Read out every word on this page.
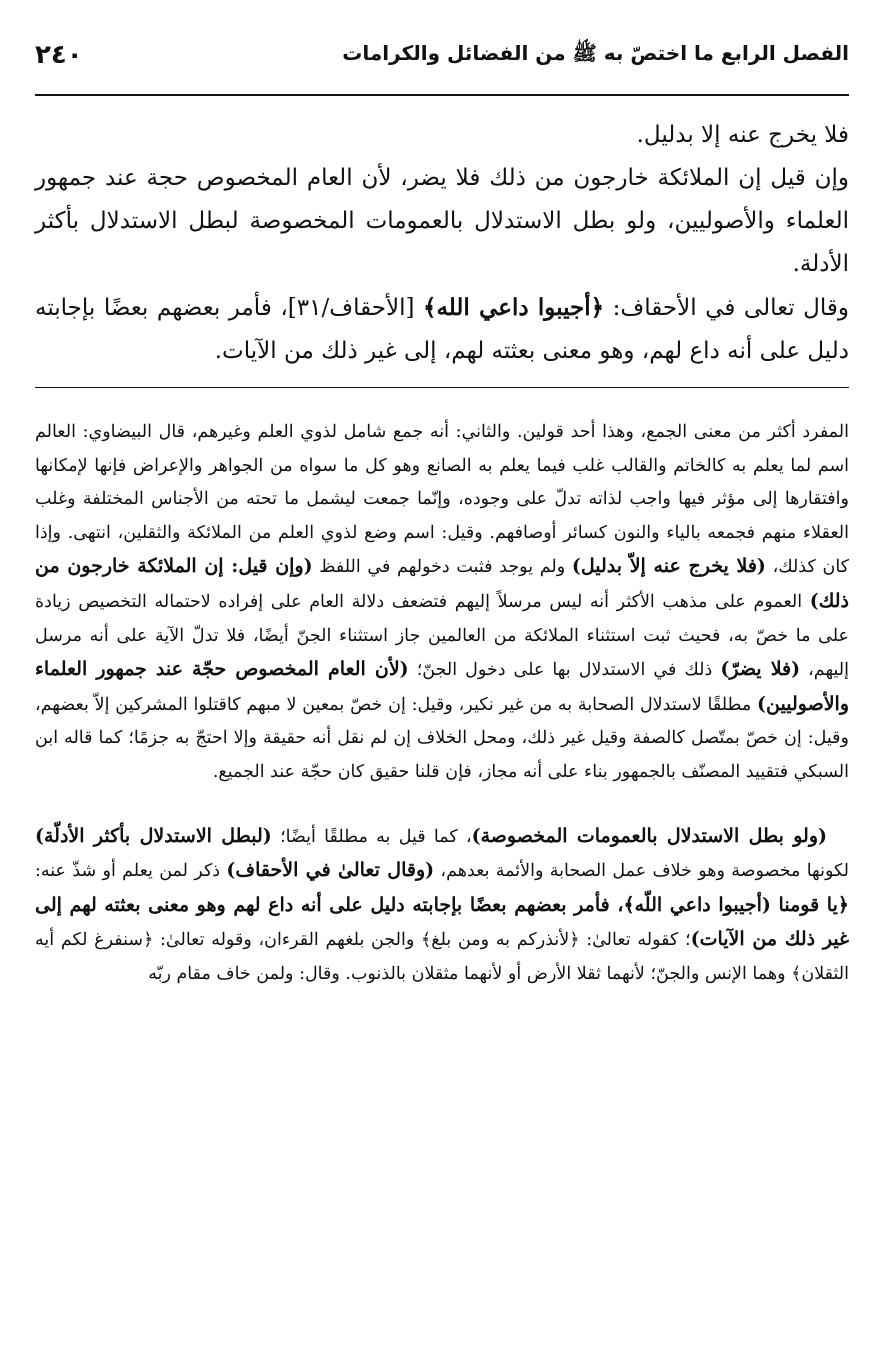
٢٤٠	الفصل الرابع ما اختصّ به ﷺ من الفضائل والكرامات

فلا يخرج عنه إلا بدليل.

وإن قيل إن الملائكة خارجون من ذلك فلا يضر، لأن العام المخصوص حجة عند جمهور العلماء والأصوليين، ولو بطل الاستدلال بالعمومات المخصوصة لبطل الاستدلال بأكثر الأدلة.

وقال تعالى في الأحقاف: ﴿أجيبوا داعي الله﴾ [الأحقاف/٣١]، فأمر بعضهم بعضًا بإجابته دليل على أنه داع لهم، وهو معنى بعثته لهم، إلى غير ذلك من الآيات.

المفرد أكثر من معنى الجمع، وهذا أحد قولين. والثاني: أنه جمع شامل لذوي العلم وغيرهم، قال البيضاوي: العالم اسم لما يعلم به كالخاتم والقالب غلب فيما يعلم به الصانع وهو كل ما سواه من الجواهر والإعراض فإنها لإمكانها وافتقارها إلى مؤثر فيها واجب لذاته تدلّ على وجوده، وإنّما جمعت ليشمل ما تحته من الأجناس المختلفة وغلب العقلاء منهم فجمعه بالياء والنون كسائر أوصافهم. وقيل: اسم وضع لذوي العلم من الملائكة والثقلين، انتهى. وإذا كان كذلك، (فلا يخرج عنه إلاّ بدليل) ولم يوجد فثبت دخولهم في اللفظ (وإن قيل: إن الملائكة خارجون من ذلك) العموم على مذهب الأكثر أنه ليس مرسلاً إليهم فتضعف دلالة العام على إفراده لاحتماله التخصيص زيادة على ما خصّ به، فحيث ثبت استثناء الملائكة من العالمين جاز استثناء الجنّ أيضًا، فلا تدلّ الآية على أنه مرسل إليهم، (فلا يضرّ) ذلك في الاستدلال بها على دخول الجنّ؛ (لأن العام المخصوص حجّة عند جمهور العلماء والأصوليين) مطلقًا لاستدلال الصحابة به من غير نكير، وقيل: إن خصّ بمعين لا مبهم كاقتلوا المشركين إلاّ بعضهم، وقيل: إن خصّ بمتّصل كالصفة وقيل غير ذلك، ومحل الخلاف إن لم نقل أنه حقيقة وإلا احتجّ به جزمًا؛ كما قاله ابن السبكي فتقييد المصنّف بالجمهور بناء على أنه مجاز، فإن قلنا حقيق كان حجّة عند الجميع.

(ولو بطل الاستدلال بالعمومات المخصوصة)، كما قيل به مطلقًا أيضًا؛ (لبطل الاستدلال بأكثر الأدلّة) لكونها مخصوصة وهو خلاف عمل الصحابة والأئمة بعدهم، (وقال تعالىٰ في الأحقاف) ذكر لمن يعلم أو شذّ عنه: ﴿يا قومنا (أجيبوا داعي اللّه﴾، فأمر بعضهم بعضًا بإجابته دليل على أنه داع لهم وهو معنى بعثته لهم إلى غير ذلك من الآيات)؛ كقوله تعالىٰ: ﴿لأنذركم به ومن بلغ﴾ والجن بلغهم القرءان، وقوله تعالىٰ: ﴿سنفرغ لكم أيه الثقلان﴾ وهما الإنس والجنّ؛ لأنهما ثقلا الأرض أو لأنهما مثقلان بالذنوب. وقال: ولمن خاف مقام ربّه
